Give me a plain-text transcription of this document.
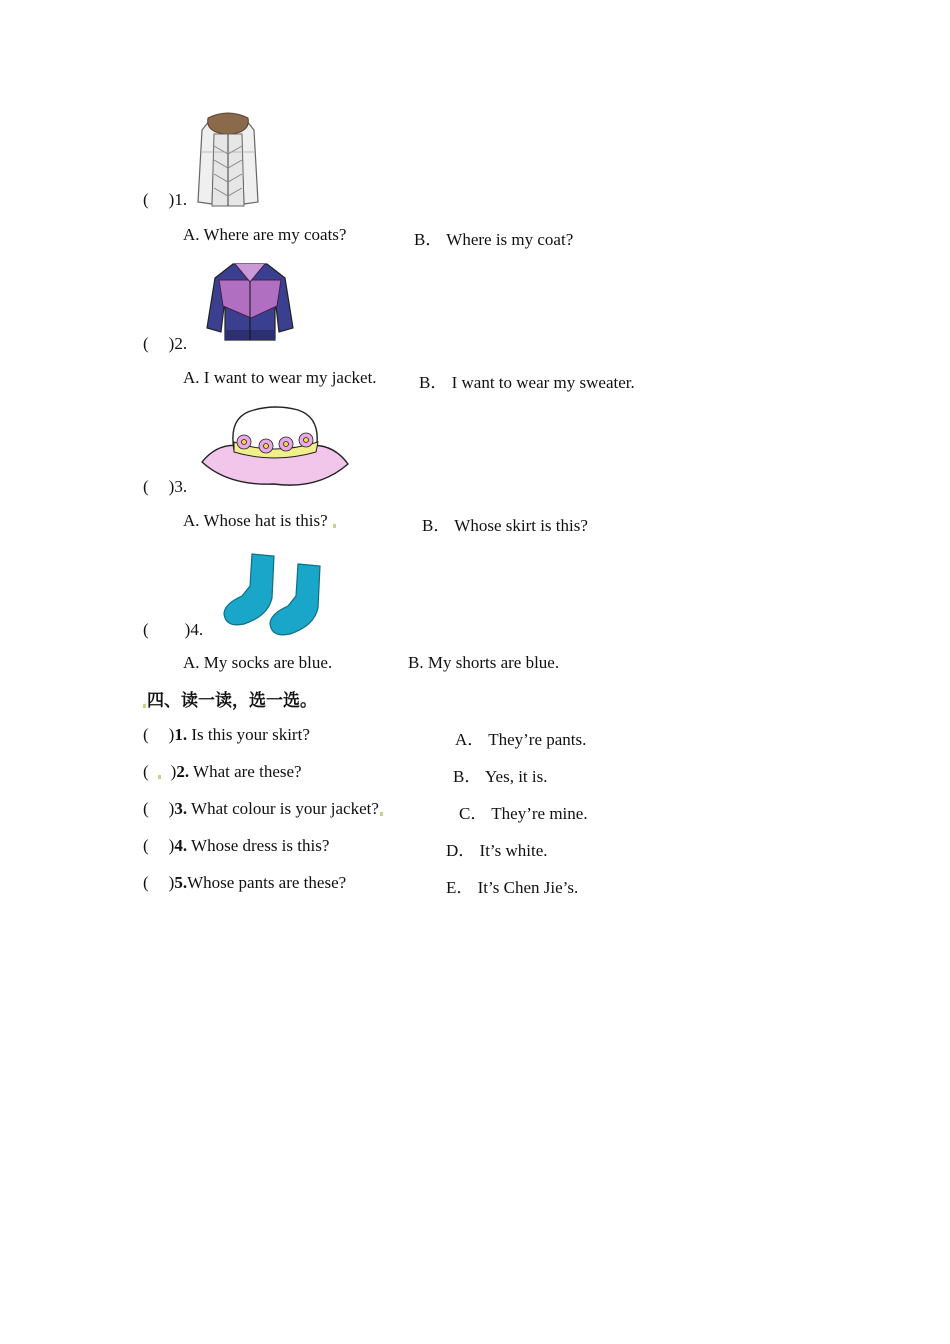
( )1.
A. Where are my coats?	B． Where is my coat?
( )2.
A. I want to wear my jacket. B． I want to wear my sweater.
( )3.
A. Whose hat is this?	B． Whose skirt is this?
( )4.
A. My socks are blue.	B. My shorts are blue.
四、读一读，选一选。
( )1. Is this your skirt?	A． They’re pants.
( )2. What are these?	B． Yes, it is.
( )3. What colour is your jacket?	C． They’re mine.
( )4. Whose dress is this?	D． It’s white.
( )5.Whose pants are these?	E． It’s Chen Jie’s.
